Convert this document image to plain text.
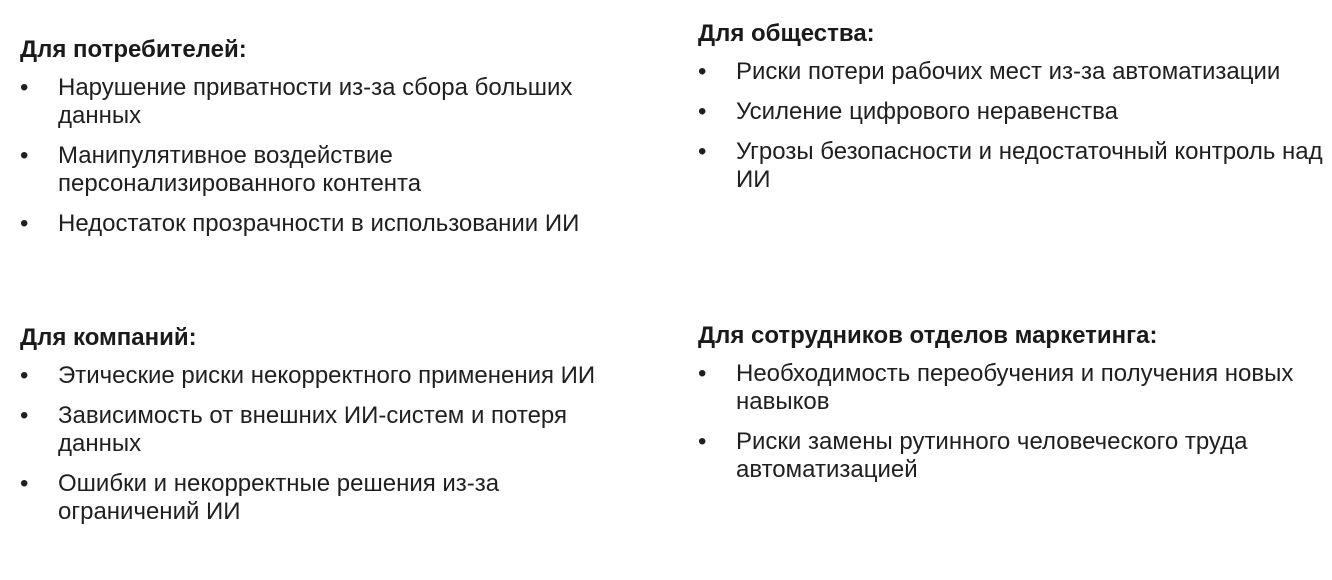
Для потребителей:
• Нарушение приватности из-за сбора больших данных
• Манипулятивное воздействие персонализированного контента
• Недостаток прозрачности в использовании ИИ
Для общества:
• Риски потери рабочих мест из-за автоматизации
• Усиление цифрового неравенства
• Угрозы безопасности и недостаточный контроль над ИИ
Для компаний:
• Этические риски некорректного применения ИИ
• Зависимость от внешних ИИ-систем и потеря данных
• Ошибки и некорректные решения из-за ограничений ИИ
Для сотрудников отделов маркетинга:
• Необходимость переобучения и получения новых навыков
• Риски замены рутинного человеческого труда автоматизацией
